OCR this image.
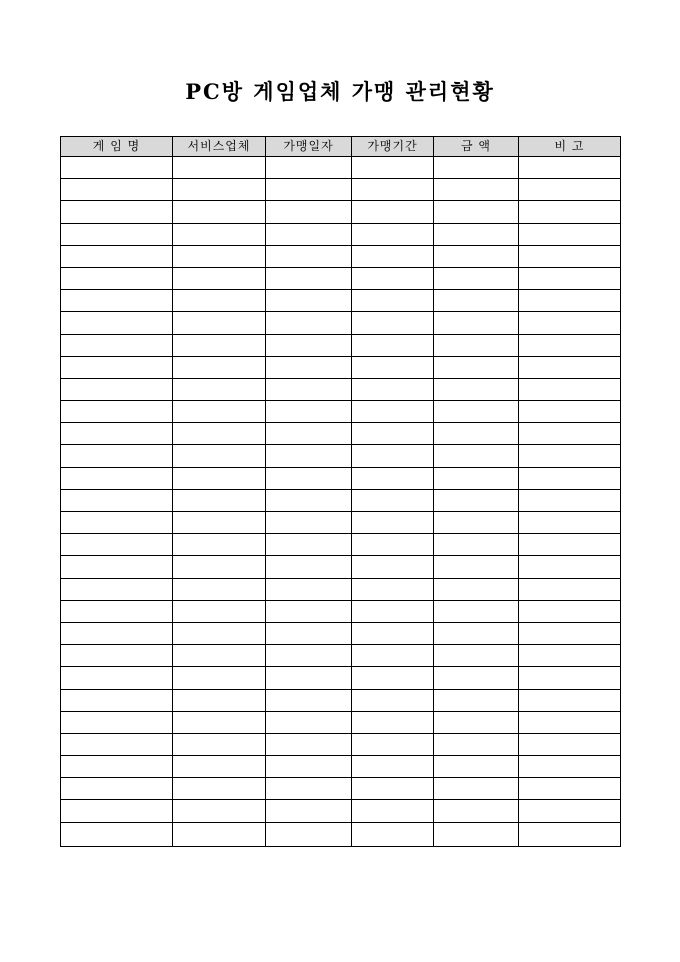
PC방 게임업체 가맹 관리현황
게 임 명	서비스업체	가맹일자	가맹기간	금 액	비 고
